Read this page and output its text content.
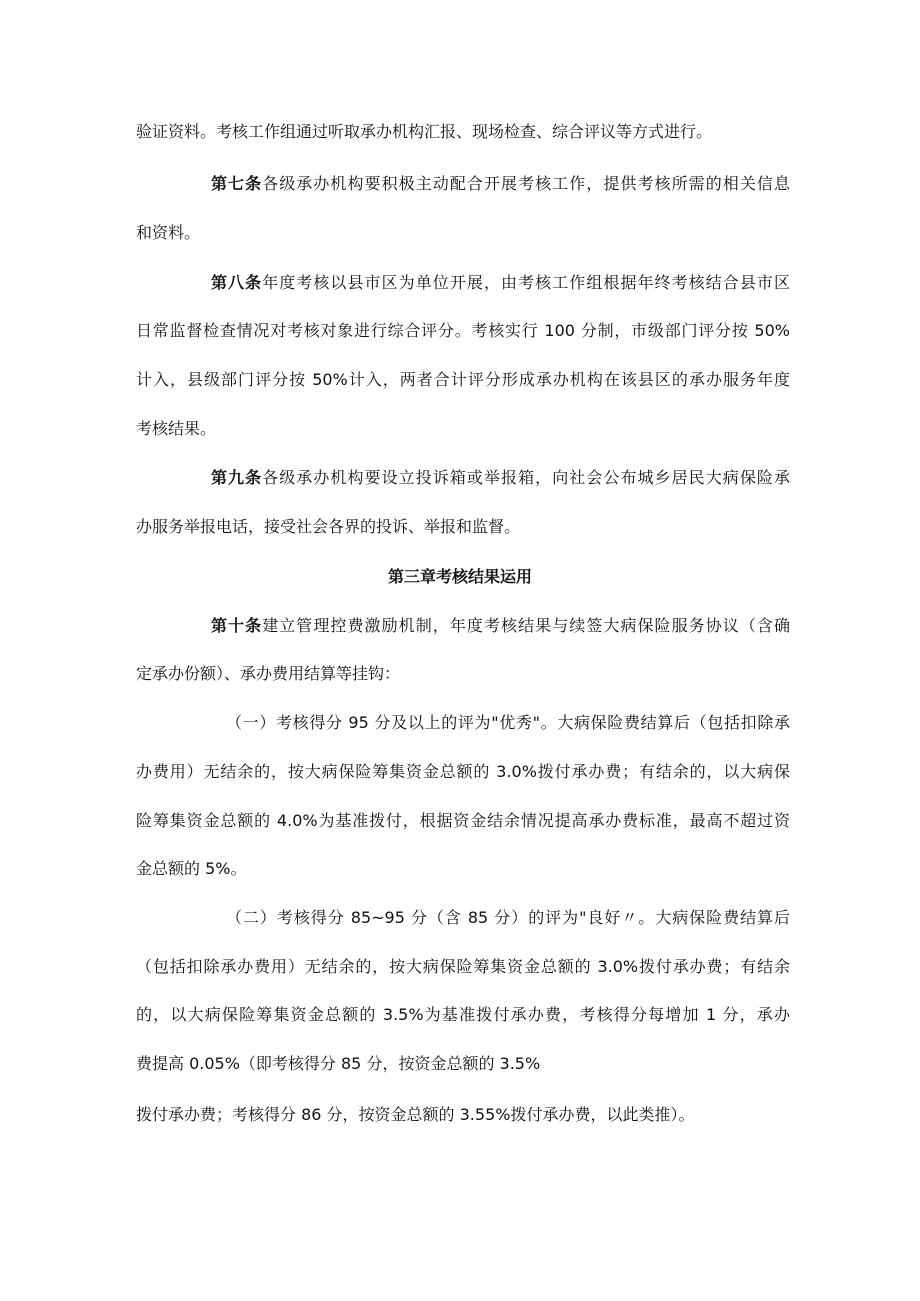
验证资料。考核工作组通过听取承办机构汇报、现场检查、综合评议等方式进行。
第七条各级承办机构要积极主动配合开展考核工作，提供考核所需的相关信息
和资料。
第八条年度考核以县市区为单位开展，由考核工作组根据年终考核结合县市区
日常监督检查情况对考核对象进行综合评分。考核实行 100 分制，市级部门评分按 50%
计入，县级部门评分按 50%计入，两者合计评分形成承办机构在该县区的承办服务年度
考核结果。
第九条各级承办机构要设立投诉箱或举报箱，向社会公布城乡居民大病保险承
办服务举报电话，接受社会各界的投诉、举报和监督。
第三章考核结果运用
第十条建立管理控费激励机制，年度考核结果与续签大病保险服务协议（含确
定承办份额）、承办费用结算等挂钩：
（一）考核得分 95 分及以上的评为"优秀"。大病保险费结算后（包括扣除承
办费用）无结余的，按大病保险筹集资金总额的 3.0%拨付承办费；有结余的，以大病保
险筹集资金总额的 4.0%为基准拨付，根据资金结余情况提高承办费标准，最高不超过资
金总额的 5%。
（二）考核得分 85~95 分（含 85 分）的评为"良好〃。大病保险费结算后
（包括扣除承办费用）无结余的，按大病保险筹集资金总额的 3.0%拨付承办费；有结余
的，以大病保险筹集资金总额的 3.5%为基准拨付承办费，考核得分每增加 1 分，承办
费提高 0.05%（即考核得分 85 分，按资金总额的 3.5%
拨付承办费；考核得分 86 分，按资金总额的 3.55%拨付承办费，以此类推）。
